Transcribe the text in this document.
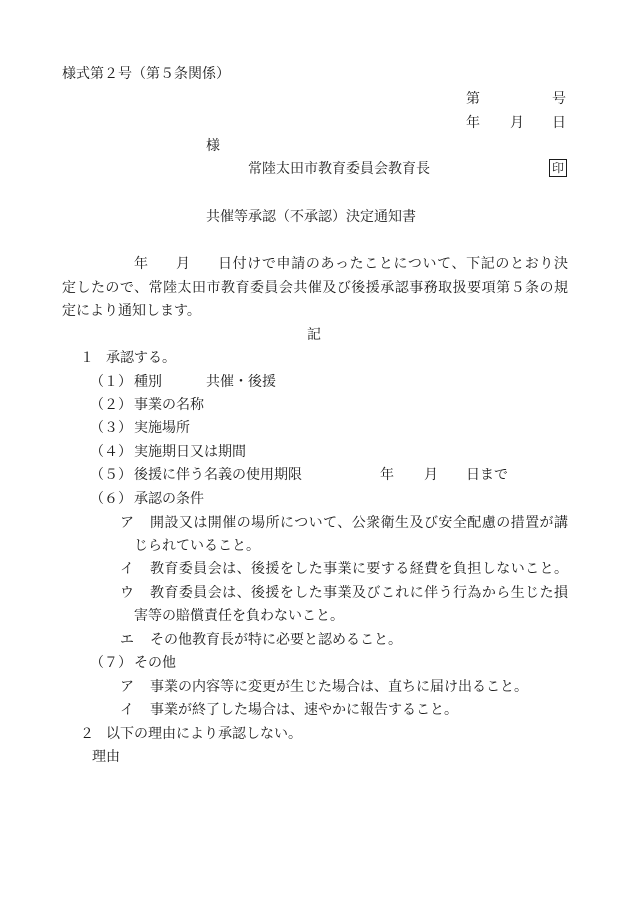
様式第２号（第５条関係）
第	号
年 月 日
様
常陸太田市教育委員会教育長	印
共催等承認（不承認）決定通知書
年 月 日付けで申請のあったことについて、下記のとおり決
定したので、常陸太田市教育委員会共催及び後援承認事務取扱要項第５条の規
定により通知します。
記
１ 承認する。
（１） 種別	共催・後援
（２） 事業の名称
（３） 実施場所
（４） 実施期日又は期間
（５） 後援に伴う名義の使用期限	年 月 日まで
（６） 承認の条件
ア 開設又は開催の場所について、公衆衛生及び安全配慮の措置が講
じられていること。
イ 教育委員会は、後援をした事業に要する経費を負担しないこと。
ウ 教育委員会は、後援をした事業及びこれに伴う行為から生じた損
害等の賠償責任を負わないこと。
エ その他教育長が特に必要と認めること。
（７） その他
ア 事業の内容等に変更が生じた場合は、直ちに届け出ること。
イ 事業が終了した場合は、速やかに報告すること。
２ 以下の理由により承認しない。
理由
